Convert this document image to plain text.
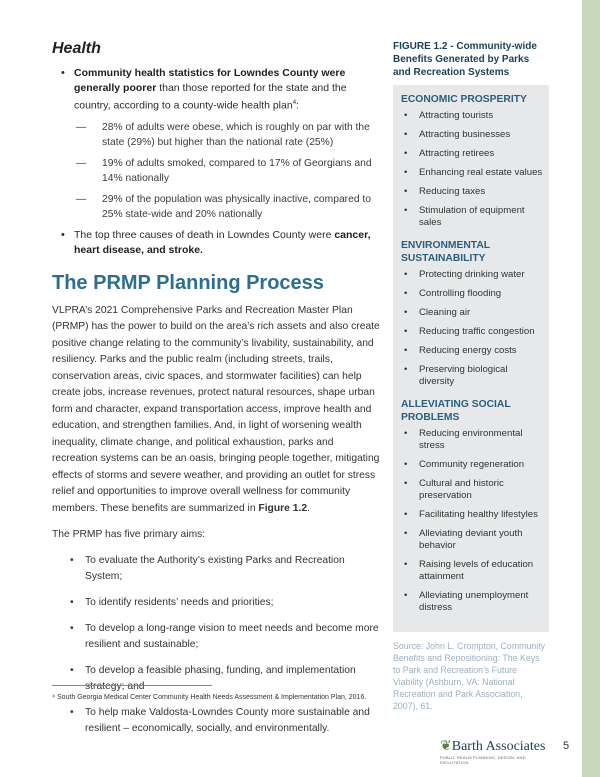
Health
• Community health statistics for Lowndes County were generally poorer than those reported for the state and the country, according to a county-wide health plan$^4$:
— 28% of adults were obese, which is roughly on par with the state (29%) but higher than the national rate (25%)
— 19% of adults smoked, compared to 17% of Georgians and 14% nationally
— 29% of the population was physically inactive, compared to 25% state-wide and 20% nationally
• The top three causes of death in Lowndes County were cancer, heart disease, and stroke.
The PRMP Planning Process

VLPRA’s 2021 Comprehensive Parks and Recreation Master Plan (PRMP) has the power to build on the area’s rich assets and also create positive change relating to the community’s livability, sustainability, and resiliency. Parks and the public realm (including streets, trails, conservation areas, civic spaces, and stormwater facilities) can help create jobs, increase revenues, protect natural resources, shape urban form and character, expand transportation access, improve health and education, and strengthen families. And, in light of worsening wealth inequality, climate change, and political exhaustion, parks and recreation systems can be an oasis, bringing people together, mitigating effects of storms and severe weather, and providing an outlet for stress relief and opportunities to improve overall wellness for community members. These benefits are summarized in Figure 1.2.

The PRMP has five primary aims:

• To evaluate the Authority’s existing Parks and Recreation System;
• To identify residents’ needs and priorities;
• To develop a long-range vision to meet needs and become more resilient and sustainable;
• To develop a feasible phasing, funding, and implementation strategy; and
• To help make Valdosta-Lowndes County more sustainable and resilient – economically, socially, and environmentally.
⁴ South Georgia Medical Center Community Health Needs Assessment & Implementation Plan, 2016.
FIGURE 1.2 - Community-wide Benefits Generated by Parks and Recreation Systems
ECONOMIC PROSPERITY
• Attracting tourists
• Attracting businesses
• Attracting retirees
• Enhancing real estate values
• Reducing taxes
• Stimulation of equipment sales
ENVIRONMENTAL SUSTAINABILITY
• Protecting drinking water
• Controlling flooding
• Cleaning air
• Reducing traffic congestion
• Reducing energy costs
• Preserving biological diversity
ALLEVIATING SOCIAL PROBLEMS
• Reducing environmental stress
• Community regeneration
• Cultural and historic preservation
• Facilitating healthy lifestyles
• Alleviating deviant youth behavior
• Raising levels of education attainment
• Alleviating unemployment distress
Source: John L. Crompton, Community Benefits and Repositioning: The Keys to Park and Recreation’s Future Viability (Ashburn, VA: National Recreation and Park Association, 2007), 61.
❦Barth Associates
PUBLIC REALM PLANNING, DESIGN, AND FACILITATION
5
